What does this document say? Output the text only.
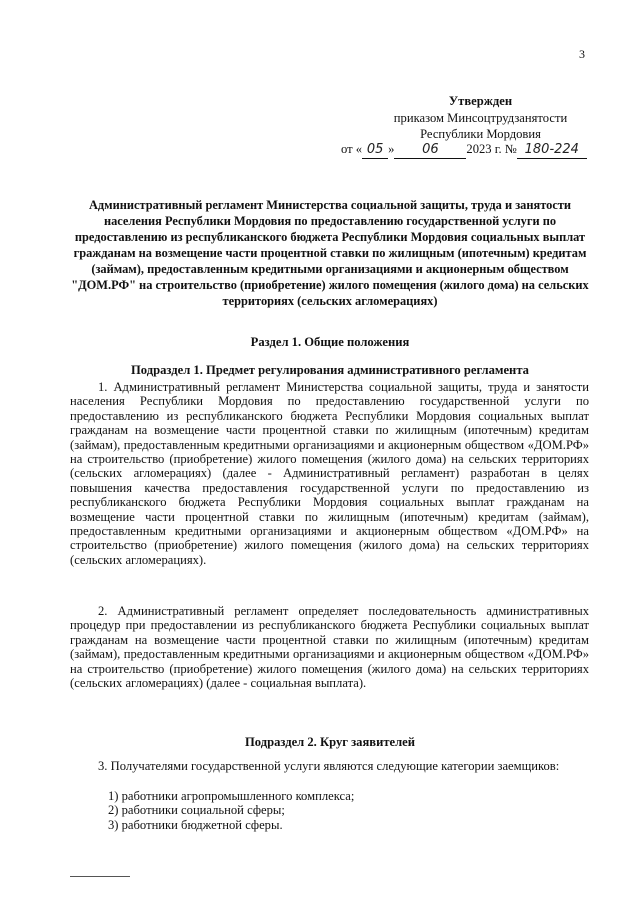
3
Утвержден
приказом Минсоцтрудзанятости
Республики Мордовия
от « 05 » 06 2023 г. № 180-224
Административный регламент Министерства социальной защиты, труда и занятости населения Республики Мордовия по предоставлению государственной услуги по предоставлению из республиканского бюджета Республики Мордовия социальных выплат гражданам на возмещение части процентной ставки по жилищным (ипотечным) кредитам (займам), предоставленным кредитными организациями и акционерным обществом "ДОМ.РФ" на строительство (приобретение) жилого помещения (жилого дома) на сельских территориях (сельских агломерациях)
Раздел 1. Общие положения
Подраздел 1. Предмет регулирования административного регламента
1. Административный регламент Министерства социальной защиты, труда и занятости населения Республики Мордовия по предоставлению государственной услуги по предоставлению из республиканского бюджета Республики Мордовия социальных выплат гражданам на возмещение части процентной ставки по жилищным (ипотечным) кредитам (займам), предоставленным кредитными организациями и акционерным обществом «ДОМ.РФ» на строительство (приобретение) жилого помещения (жилого дома) на сельских территориях (сельских агломерациях) (далее - Административный регламент) разработан в целях повышения качества предоставления государственной услуги по предоставлению из республиканского бюджета Республики Мордовия социальных выплат гражданам на возмещение части процентной ставки по жилищным (ипотечным) кредитам (займам), предоставленным кредитными организациями и акционерным обществом «ДОМ.РФ» на строительство (приобретение) жилого помещения (жилого дома) на сельских территориях (сельских агломерациях).
2. Административный регламент определяет последовательность административных процедур при предоставлении из республиканского бюджета Республики социальных выплат гражданам на возмещение части процентной ставки по жилищным (ипотечным) кредитам (займам), предоставленным кредитными организациями и акционерным обществом «ДОМ.РФ» на строительство (приобретение) жилого помещения (жилого дома) на сельских территориях (сельских агломерациях) (далее - социальная выплата).
Подраздел 2. Круг заявителей
3. Получателями государственной услуги являются следующие категории заемщиков:
1) работники агропромышленного комплекса;
2) работники социальной сферы;
3) работники бюджетной сферы.
